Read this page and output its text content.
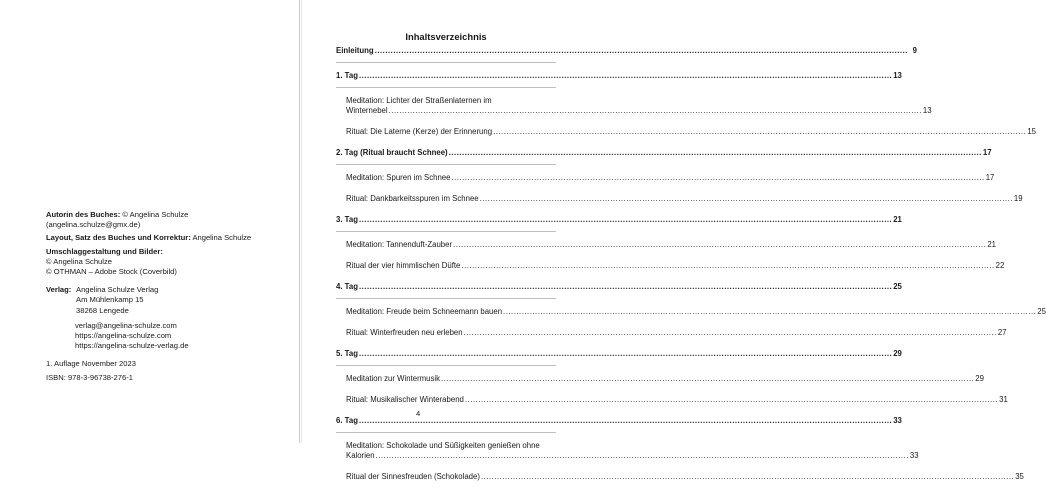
Autorin des Buches: © Angelina Schulze
(angelina.schulze@gmx.de)
Layout, Satz des Buches und Korrektur: Angelina Schulze
Umschlaggestaltung und Bilder:
© Angelina Schulze
© OTHMAN – Adobe Stock (Coverbild)
Verlag: Angelina Schulze Verlag
Am Mühlenkamp 15
38268 Lengede
verlag@angelina-schulze.com
https://angelina-schulze.com
https://angelina-schulze-verlag.de
1. Auflage November 2023
ISBN: 978-3-96738-276-1
Inhaltsverzeichnis
Einleitung ........................................................................................................................................................................................................ 9
1. Tag ........................................................................................................................................................................................................ 13
Meditation: Lichter der Straßenlaternen im
Winternebel ........................................................................................................................................................................................................ 13
Ritual: Die Laterne (Kerze) der Erinnerung ........................................................................................................................................................................................................ 15
2. Tag (Ritual braucht Schnee) ........................................................................................................................................................................................................ 17
Meditation: Spuren im Schnee ........................................................................................................................................................................................................ 17
Ritual: Dankbarkeitsspuren im Schnee ........................................................................................................................................................................................................ 19
3. Tag ........................................................................................................................................................................................................ 21
Meditation: Tannenduft-Zauber ........................................................................................................................................................................................................ 21
Ritual der vier himmlischen Düfte ........................................................................................................................................................................................................ 22
4. Tag ........................................................................................................................................................................................................ 25
Meditation: Freude beim Schneemann bauen ........................................................................................................................................................................................................ 25
Ritual: Winterfreuden neu erleben ........................................................................................................................................................................................................ 27
5. Tag ........................................................................................................................................................................................................ 29
Meditation zur Wintermusik ........................................................................................................................................................................................................ 29
Ritual: Musikalischer Winterabend ........................................................................................................................................................................................................ 31
6. Tag ........................................................................................................................................................................................................ 33
Meditation: Schokolade und Süßigkeiten genießen ohne
Kalorien ........................................................................................................................................................................................................ 33
Ritual der Sinnesfreuden (Schokolade) ........................................................................................................................................................................................................ 35
4
